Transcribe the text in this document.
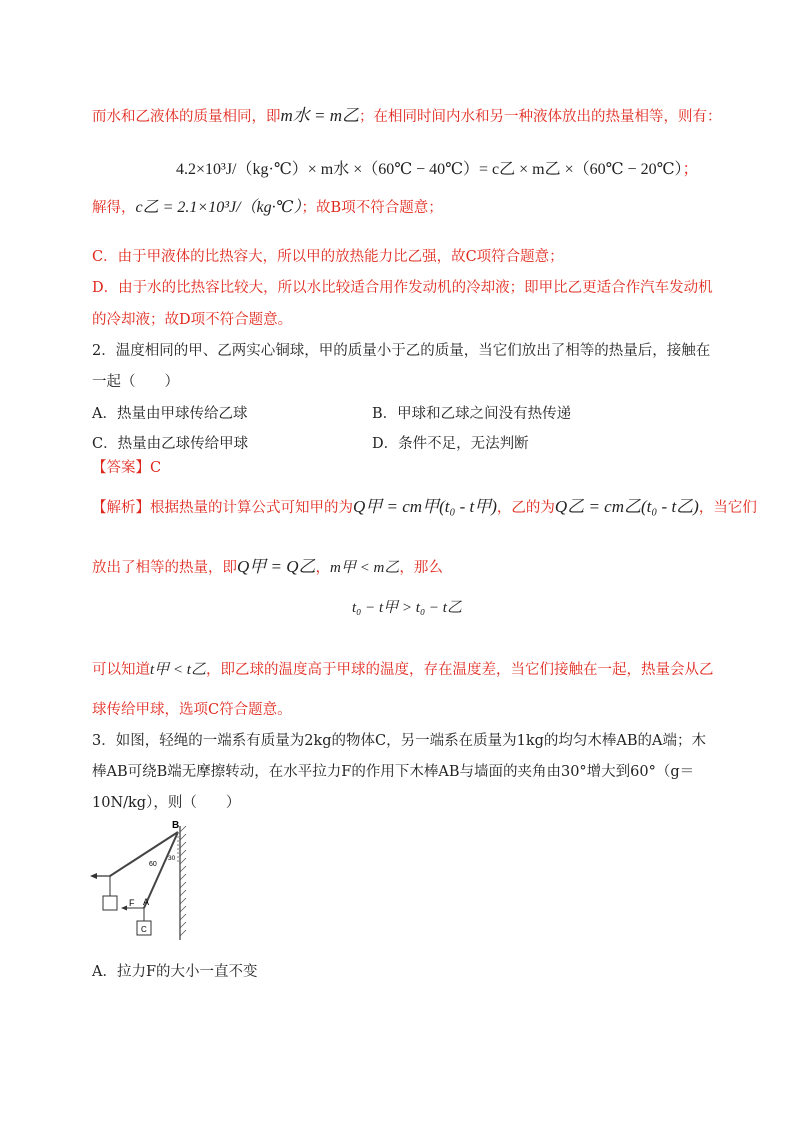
而水和乙液体的质量相同，即m水 = m乙；在相同时间内水和另一种液体放出的热量相等，则有：
4.2×10³J/（kg·℃）× m水 ×（60℃ − 40℃）= c乙 × m乙 ×（60℃ − 20℃）；
解得，c乙 = 2.1×10³J/（kg·℃）；故B项不符合题意；
C．由于甲液体的比热容大，所以甲的放热能力比乙强，故C项符合题意；
D．由于水的比热容比较大，所以水比较适合用作发动机的冷却液；即甲比乙更适合作汽车发动机
的冷却液；故D项不符合题意。
2．温度相同的甲、乙两实心铜球，甲的质量小于乙的质量，当它们放出了相等的热量后，接触在
一起（　　）
A．热量由甲球传给乙球	B．甲球和乙球之间没有热传递
C．热量由乙球传给甲球	D．条件不足，无法判断
【答案】C
【解析】根据热量的计算公式可知甲的为Q甲 = cm甲(t₀ - t甲)，乙的为Q乙 = cm乙(t₀ - t乙)，当它们
放出了相等的热量，即Q甲 = Q乙，m甲 < m乙，那么
t₀ − t甲 > t₀ − t乙
可以知道t甲 < t乙，即乙球的温度高于甲球的温度，存在温度差，当它们接触在一起，热量会从乙
球传给甲球，选项C符合题意。
3．如图，轻绳的一端系有质量为2kg的物体C，另一端系在质量为1kg的均匀木棒AB的A端；木
棒AB可绕B端无摩擦转动，在水平拉力F的作用下木棒AB与墙面的夹角由30°增大到60°（g＝
10N/kg），则（　　）
F
C
B
A
60
30
A．拉力F的大小一直不变
